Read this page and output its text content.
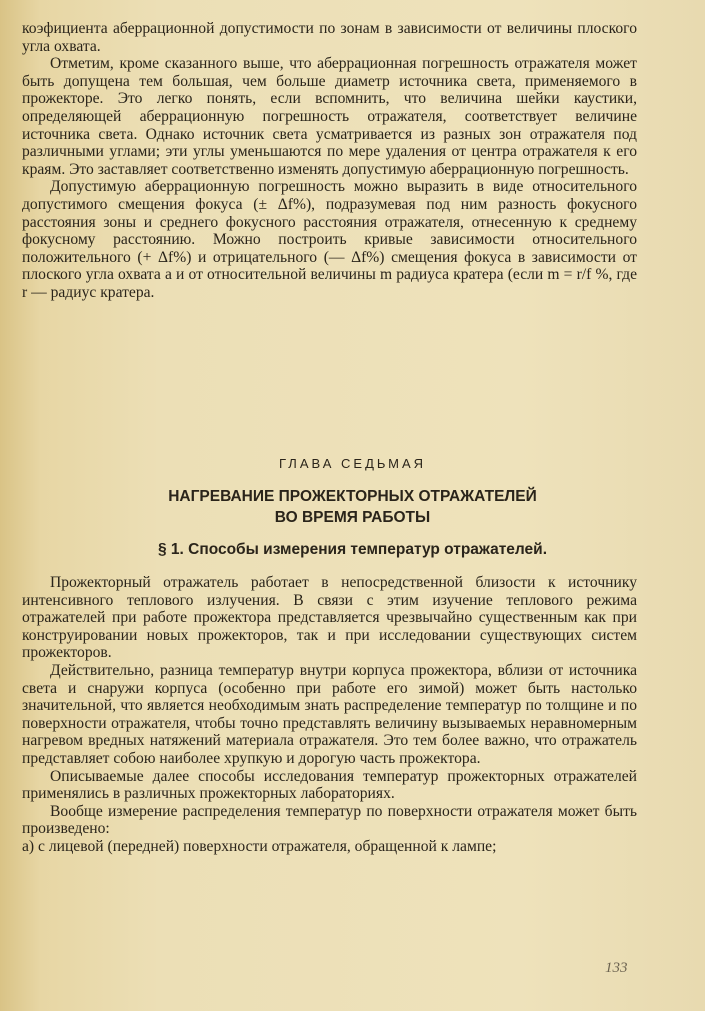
коэфициента аберрационной допустимости по зонам в зависимости от величины плоского угла охвата.

Отметим, кроме сказанного выше, что аберрационная погрешность отражателя может быть допущена тем большая, чем больше диаметр источника света, применяемого в прожекторе. Это легко понять, если вспомнить, что величина шейки каустики, определяющей аберрационную погрешность отражателя, соответствует величине источника света. Однако источник света усматривается из разных зон отражателя под различными углами; эти углы уменьшаются по мере удаления от центра отражателя к его краям. Это заставляет соответственно изменять допустимую аберрационную погрешность.

Допустимую аберрационную погрешность можно выразить в виде относительного допустимого смещения фокуса (± Δf%), подразумевая под ним разность фокусного расстояния зоны и среднего фокусного расстояния отражателя, отнесенную к среднему фокусному расстоянию. Можно построить кривые зависимости относительного положительного (+ Δf%) и отрицательного (— Δf%) смещения фокуса в зависимости от плоского угла охвата a и от относительной величины m радиуса кратера (если m = r/f %, где r — радиус кратера.

ГЛАВА СЕДЬМАЯ
НАГРЕВАНИЕ ПРОЖЕКТОРНЫХ ОТРАЖАТЕЛЕЙ
ВО ВРЕМЯ РАБОТЫ
§ 1. Способы измерения температур отражателей.

Прожекторный отражатель работает в непосредственной близости к источнику интенсивного теплового излучения. В связи с этим изучение теплового режима отражателей при работе прожектора представляется чрезвычайно существенным как при конструировании новых прожекторов, так и при исследовании существующих систем прожекторов.

Действительно, разница температур внутри корпуса прожектора, вблизи от источника света и снаружи корпуса (особенно при работе его зимой) может быть настолько значительной, что является необходимым знать распределение температур по толщине и по поверхности отражателя, чтобы точно представлять величину вызываемых неравномерным нагревом вредных натяжений материала отражателя. Это тем более важно, что отражатель представляет собою наиболее хрупкую и дорогую часть прожектора.

Описываемые далее способы исследования температур прожекторных отражателей применялись в различных прожекторных лабораториях.

Вообще измерение распределения температур по поверхности отражателя может быть произведено:

а) с лицевой (передней) поверхности отражателя, обращенной к лампе;

133
